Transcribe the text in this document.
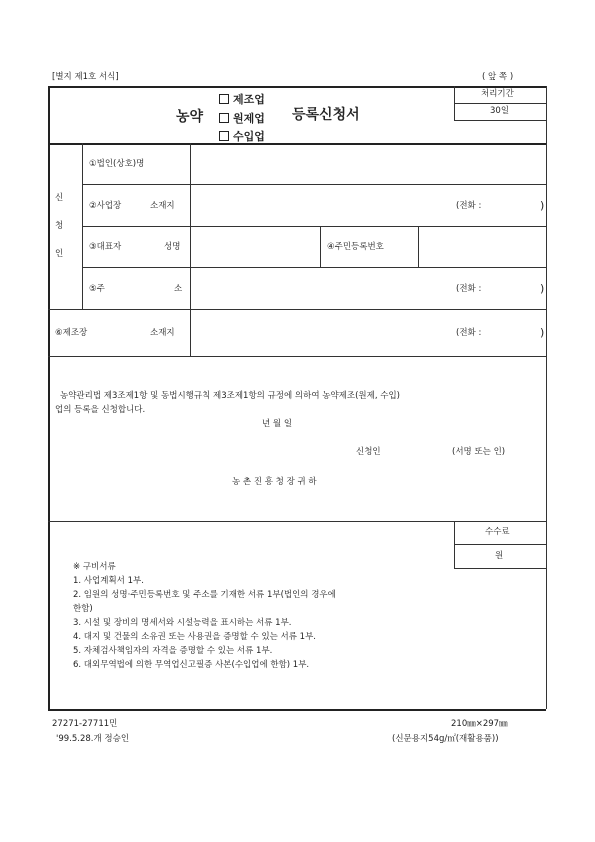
[별지 제1호 서식]	( 앞 쪽 )
농약
제조업
원제업
수입업
등록신청서
처리기간
30일
신
청
인
①법인(상호)명
②사업장	소재지	(전화 :	)
③대표자	성명	④주민등록번호
⑤주	소	(전화 :	)
⑥제조장	소재지	(전화 :	)
농약관리법 제3조제1항 및 동법시행규칙 제3조제1항의 규정에 의하여 농약제조(원제, 수입)
업의 등록을 신청합니다.
년 월 일
신청인	(서명 또는 인)
농 촌 진 흥 청 장 귀 하
수수료
원
※ 구비서류
1. 사업계획서 1부.
2. 임원의 성명·주민등록번호 및 주소를 기재한 서류 1부(법인의 경우에
한함)
3. 시설 및 장비의 명세서와 시설능력을 표시하는 서류 1부.
4. 대지 및 건물의 소유권 또는 사용권을 증명할 수 있는 서류 1부.
5. 자체검사책임자의 자격을 증명할 수 있는 서류 1부.
6. 대외무역법에 의한 무역업신고필증 사본(수입업에 한함) 1부.
27271-27711민
'99.5.28.개 정승인
210㎜×297㎜
(신문용지54g/㎡(재활용품))
